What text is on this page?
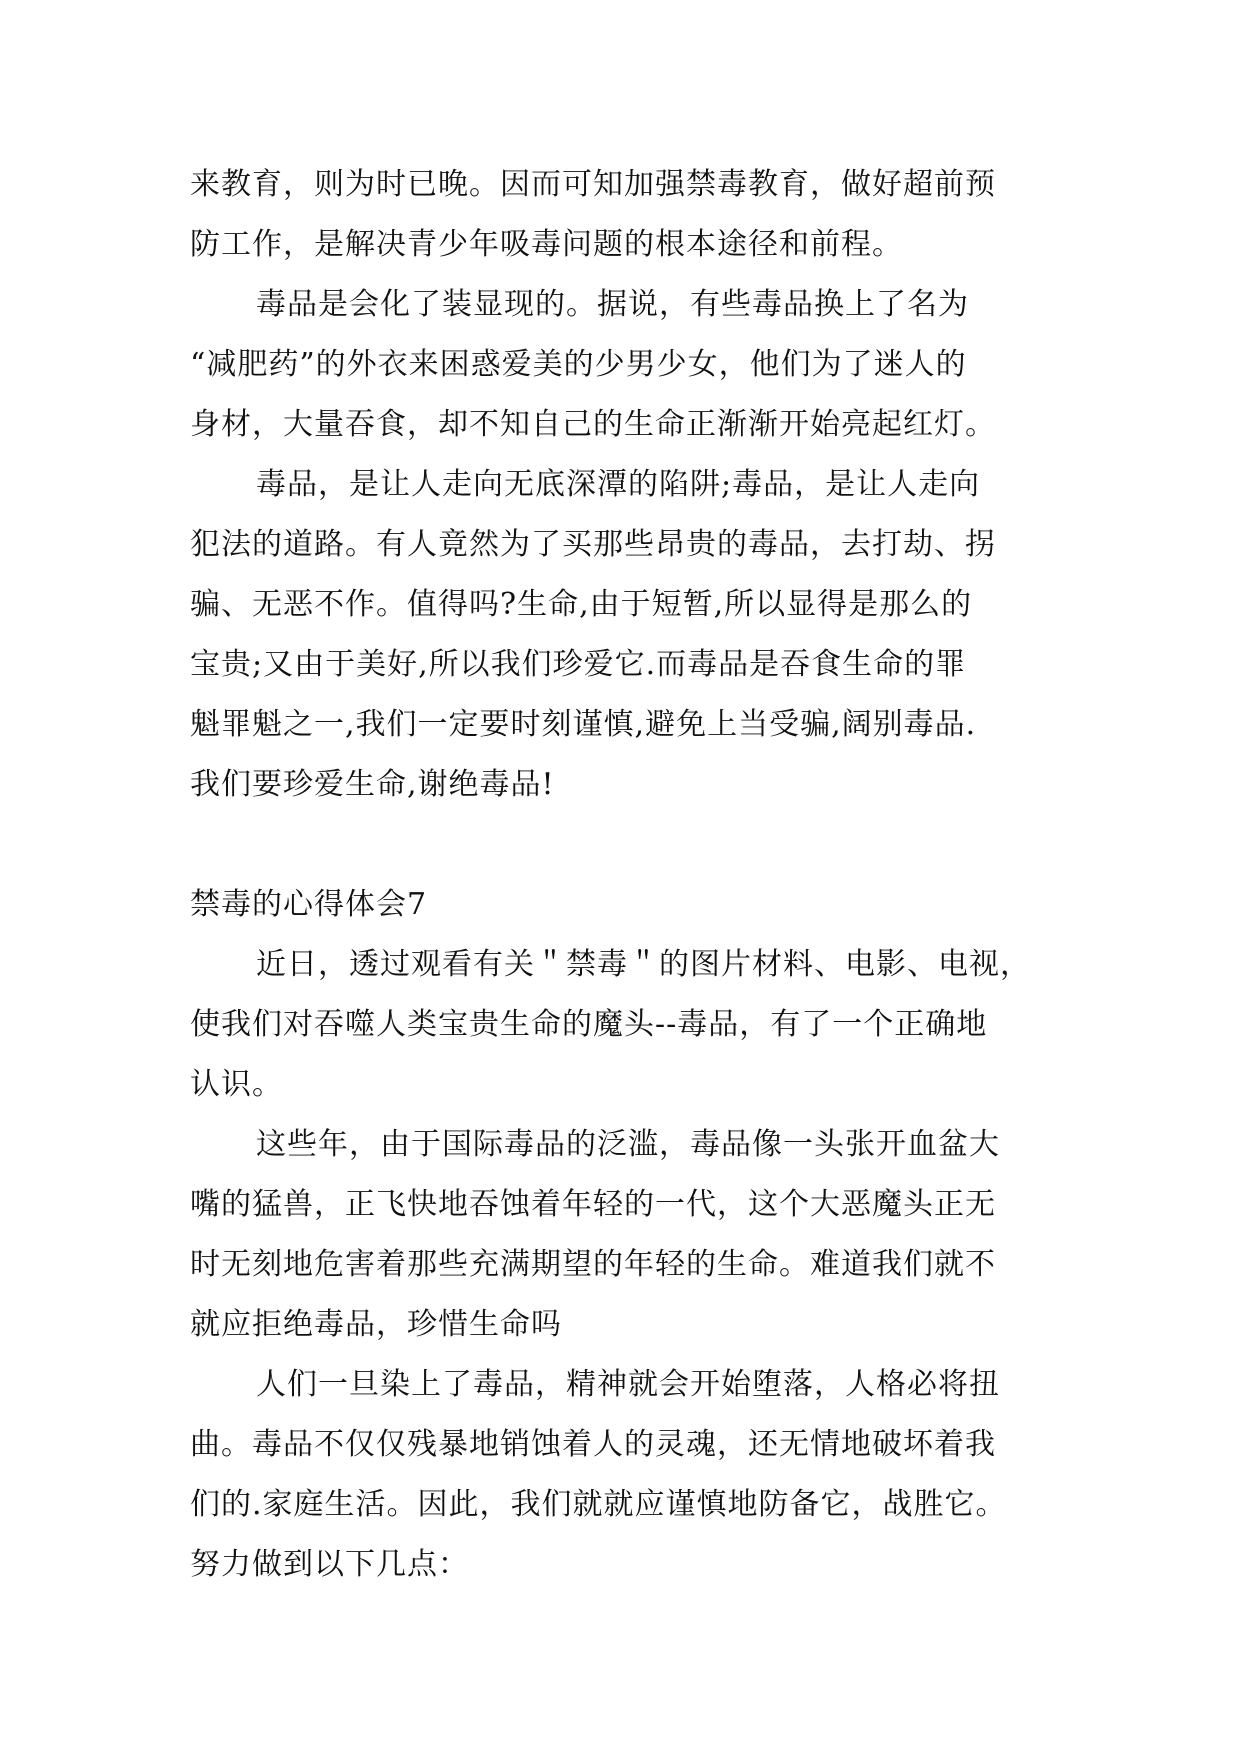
来教育，则为时已晚。因而可知加强禁毒教育，做好超前预
防工作，是解决青少年吸毒问题的根本途径和前程。
毒品是会化了装显现的。据说，有些毒品换上了名为
“减肥药”的外衣来困惑爱美的少男少女，他们为了迷人的
身材，大量吞食，却不知自己的生命正渐渐开始亮起红灯。
毒品，是让人走向无底深潭的陷阱;毒品，是让人走向
犯法的道路。有人竟然为了买那些昂贵的毒品，去打劫、拐
骗、无恶不作。值得吗?生命,由于短暂,所以显得是那么的
宝贵;又由于美好,所以我们珍爱它.而毒品是吞食生命的罪
魁罪魁之一,我们一定要时刻谨慎,避免上当受骗,阔别毒品.
我们要珍爱生命,谢绝毒品!
禁毒的心得体会7
近日，透过观看有关＂禁毒＂的图片材料、电影、电视，
使我们对吞噬人类宝贵生命的魔头--毒品，有了一个正确地
认识。
这些年，由于国际毒品的泛滥，毒品像一头张开血盆大
嘴的猛兽，正飞快地吞蚀着年轻的一代，这个大恶魔头正无
时无刻地危害着那些充满期望的年轻的生命。难道我们就不
就应拒绝毒品，珍惜生命吗
人们一旦染上了毒品，精神就会开始堕落，人格必将扭
曲。毒品不仅仅残暴地销蚀着人的灵魂，还无情地破坏着我
们的.家庭生活。因此，我们就就应谨慎地防备它，战胜它。
努力做到以下几点：
